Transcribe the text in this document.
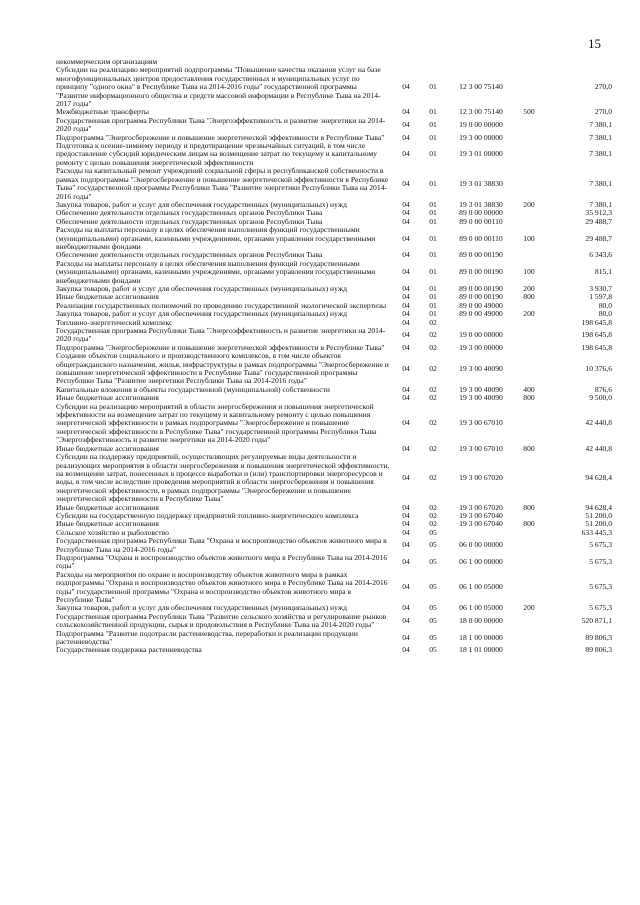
15
некоммерческим организациям
Субсидии на реализацию мероприятий подпрограммы "Повышение качества оказания услуг на базе многофункциональных центров предоставления государственных и муниципальных услуг по принципу "одного окна" в Республике Тыва на 2014-2016 годы" государственной программы "Развитие информационного общества и средств массовой информации в Республике Тыва на 2014-2017 годы"
04	01	12 3 00 75140	270,0
Межбюджетные трансферты	04	01	12 3 00 75140	500	270,0
Государственная программа Республики Тыва "Энергоэффективность и развитие энергетики на 2014-2020 годы"	04	01	19 0 00 00000	7 380,1
Подпрограмма "Энергосбережение и повышение энергетической эффективности в Республике Тыва"	04	01	19 3 00 00000	7 380,1
Подготовка к осенне-зимнему периоду и предотвращение чрезвычайных ситуаций, в том числе предоставление субсидий юридическим лицам на возмещение затрат по текущему и капитальному ремонту с целью повышения энергетической эффективности
04	01	19 3 01 00000	7 380,1
Расходы на капитальный ремонт учреждений социальной сферы и республиканской собственности в рамках подпрограммы "Энергосбережение и повышение энергетической эффективности в Республике Тыва" государственной программы Республики Тыва "Развитие энергетики Республики Тыва на 2014-2016 годы"
04	01	19 3 01 38830	7 380,1
Закупка товаров, работ и услуг для обеспечения государственных (муниципальных) нужд	04	01	19 3 01 38830	200	7 380,1
Обеспечение деятельности отдельных государственных органов Республики Тыва	04	01	89 0 00 00000	35 912,3
Обеспечение деятельности отдельных государственных органов Республики Тыва	04	01	89 0 00 00110	29 488,7
Расходы на выплаты персоналу в целях обеспечения выполнения функций государственными (муниципальными) органами, казенными учреждениями, органами управления государственными внебюджетными фондами
04	01	89 0 00 00110	100	29 488,7
Обеспечение деятельности отдельных государственных органов Республики Тыва	04	01	89 0 00 00190	6 343,6
Расходы на выплаты персоналу в целях обеспечения выполнения функций государственными (муниципальными) органами, казенными учреждениями, органами управления государственными внебюджетными фондами
04	01	89 0 00 00190	100	815,1
Закупка товаров, работ и услуг для обеспечения государственных (муниципальных) нужд	04	01	89 0 00 00190	200	3 930,7
Иные бюджетные ассигнования	04	01	89 0 00 00190	800	1 597,8
Реализация государственных полномочий по проведению государственной экологической экспертизы	04	01	89 0 00 49000	80,0
Закупка товаров, работ и услуг для обеспечения государственных (муниципальных) нужд	04	01	89 0 00 49000	200	80,0
Топливно-энергетический комплекс	04	02	198 645,8
Государственная программа Республики Тыва "Энергоэффективность и развитие энергетики на 2014-2020 годы"	04	02	19 0 00 00000	198 645,8
Подпрограмма "Энергосбережение и повышение энергетической эффективности в Республике Тыва"	04	02	19 3 00 00000	198 645,8
Создание объектов социального и производственного комплексов, в том числе объектов общегражданского назначения, жилья, инфраструктуры в рамках подпрограммы "Энергосбережение и повышение энергетической эффективности в Республике Тыва" государственной программы Республики Тыва "Развитие энергетики Республики Тыва на 2014-2016 годы"
04	02	19 3 00 40090	10 376,6
Капитальные вложения в объекты государственной (муниципальной) собственности	04	02	19 3 00 40090	400	876,6
Иные бюджетные ассигнования	04	02	19 3 00 40090	800	9 500,0
Субсидии на реализацию мероприятий в области энергосбережения и повышения энергетической эффективности на возмещение затрат по текущему и капитальному ремонту с целью повышения энергетической эффективности в рамках подпрограммы "Энергосбережение и повышение энергетической эффективности в Республике Тыва" государственной программы Республики Тыва "Энергоэффективность и развитие энергетики на 2014-2020 годы"
04	02	19 3 00 67010	42 440,8
Иные бюджетные ассигнования	04	02	19 3 00 67010	800	42 440,8
Субсидии на поддержку предприятий, осуществляющих регулируемые виды деятельности и реализующих мероприятия в области энергосбережения и повышения энергетической эффективности, на возмещение затрат, понесенных в процессе выработки и (или) транспортировки энергоресурсов и воды, в том числе вследствие проведения мероприятий в области энергосбережения и повышения энергетической эффективности, в рамках подпрограммы "Энергосбережение и повышение энергетической эффективности в Республике Тыва"
04	02	19 3 00 67020	94 628,4
Иные бюджетные ассигнования	04	02	19 3 00 67020	800	94 628,4
Субсидии на государственную поддержку предприятий топливно-энергетического комплекса	04	02	19 3 00 67040	51 200,0
Иные бюджетные ассигнования	04	02	19 3 00 67040	800	51 200,0
Сельское хозяйство и рыболовство	04	05	633 445,3
Государственная программа Республики Тыва "Охрана и воспроизводство объектов животного мира в Республике Тыва на 2014-2016 годы"	04	05	06 0 00 00000	5 675,3
Подпрограмма "Охрана и воспроизводство объектов животного мира в Республике Тыва на 2014-2016 годы"	04	05	06 1 00 00000	5 675,3
Расходы на мероприятия по охране и воспроизводству объектов животного мира в рамках подпрограммы "Охрана и воспроизводство объектов животного мира в Республике Тыва на 2014-2016 годы" государственной программы "Охрана и воспроизводство объектов животного мира в Республике Тыва"
04	05	06 1 00 05000	5 675,3
Закупка товаров, работ и услуг для обеспечения государственных (муниципальных) нужд	04	05	06 1 00 05000	200	5 675,3
Государственная программа Республики Тыва "Развитие сельского хозяйства и регулирование рынков сельскохозяйственной продукции, сырья и продовольствия в Республике Тыва на 2014-2020 годы"	04	05	18 0 00 00000	520 871,1
Подпрограмма "Развитие подотрасли растениеводства, переработки и реализации продукции растениеводства"	04	05	18 1 00 00000	89 806,3
Государственная поддержка растениеводства	04	05	18 1 01 00000	89 806,3
